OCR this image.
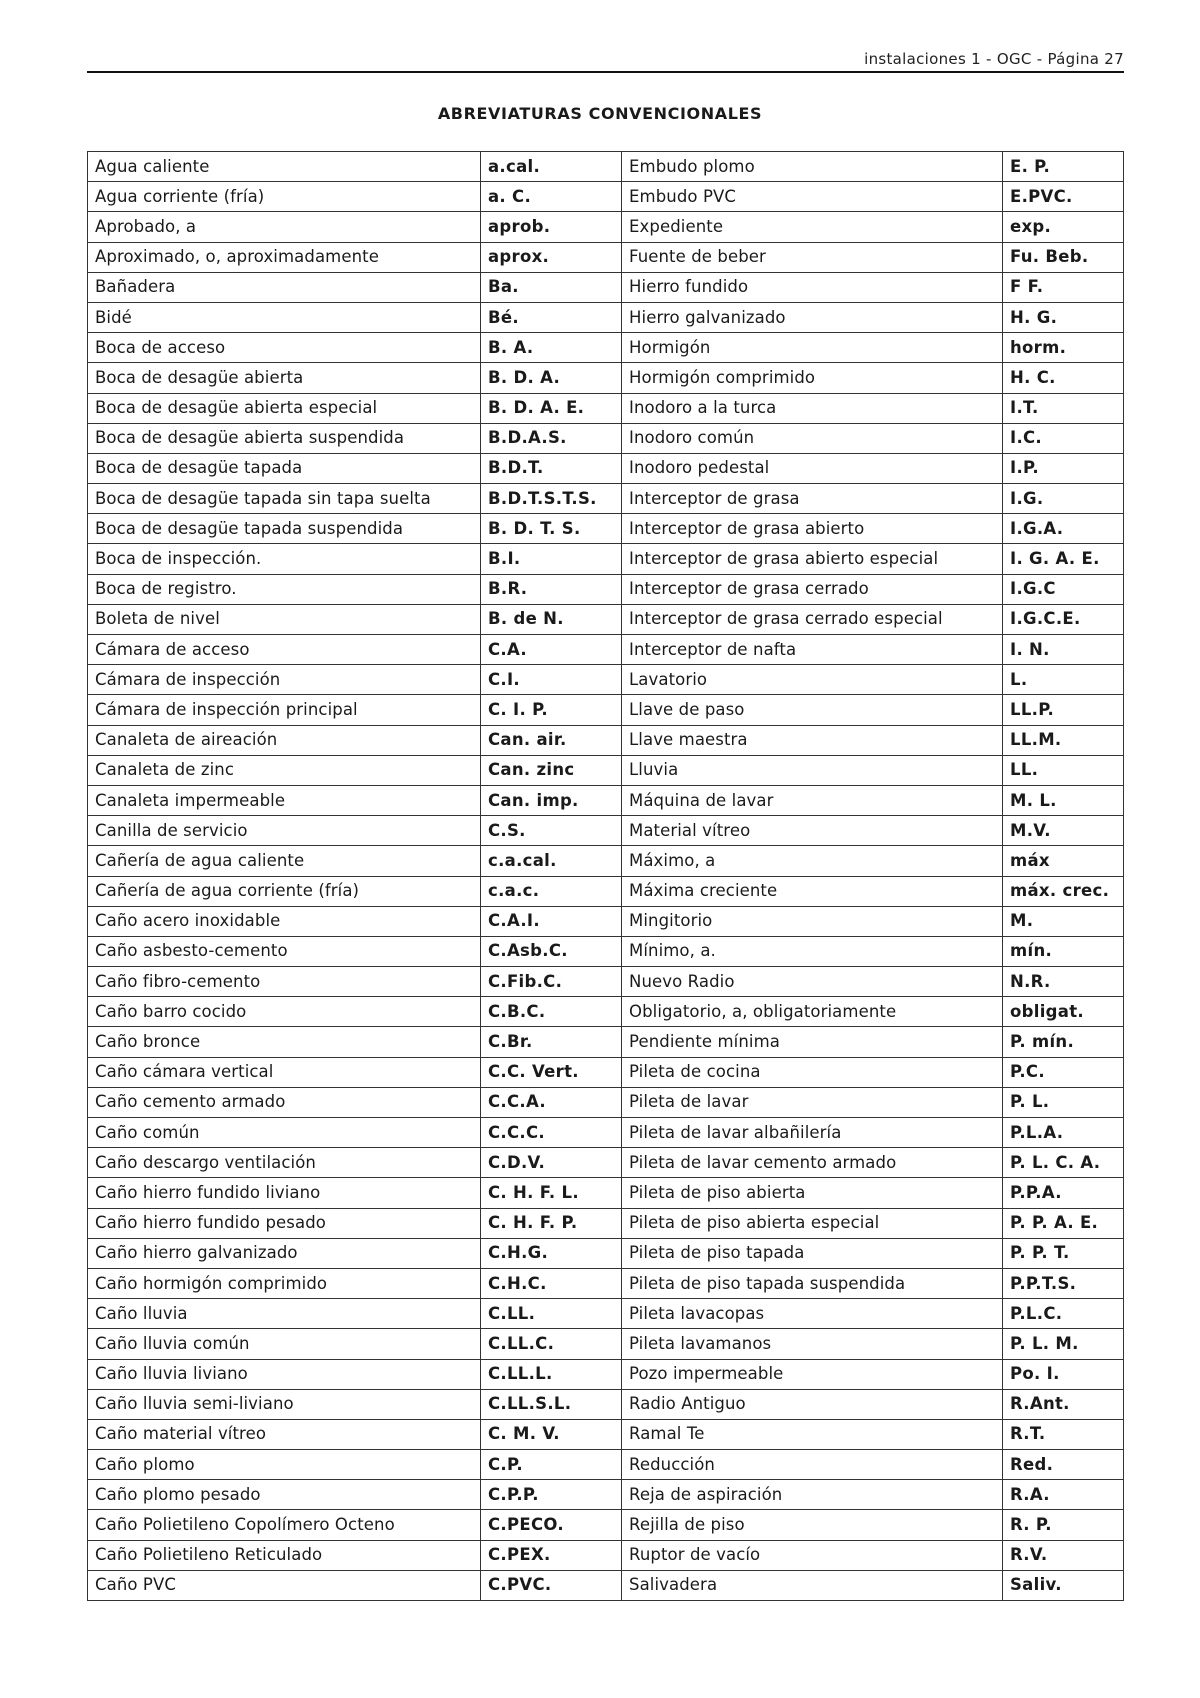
instalaciones 1 - OGC - Página 27
ABREVIATURAS CONVENCIONALES
Agua caliente	a.cal.	Embudo plomo	E. P.
Agua corriente (fría)	a. C.	Embudo PVC	E.PVC.
Aprobado, a	aprob.	Expediente	exp.
Aproximado, o, aproximadamente	aprox.	Fuente de beber	Fu. Beb.
Bañadera	Ba.	Hierro fundido	F F.
Bidé	Bé.	Hierro galvanizado	H. G.
Boca de acceso	B. A.	Hormigón	horm.
Boca de desagüe abierta	B. D. A.	Hormigón comprimido	H. C.
Boca de desagüe abierta especial	B. D. A. E.	Inodoro a la turca	I.T.
Boca de desagüe abierta suspendida	B.D.A.S.	Inodoro común	I.C.
Boca de desagüe tapada	B.D.T.	Inodoro pedestal	I.P.
Boca de desagüe tapada sin tapa suelta	B.D.T.S.T.S.	Interceptor de grasa	I.G.
Boca de desagüe tapada suspendida	B. D. T. S.	Interceptor de grasa abierto	I.G.A.
Boca de inspección.	B.I.	Interceptor de grasa abierto especial	I. G. A. E.
Boca de registro.	B.R.	Interceptor de grasa cerrado	I.G.C
Boleta de nivel	B. de N.	Interceptor de grasa cerrado especial	I.G.C.E.
Cámara de acceso	C.A.	Interceptor de nafta	I. N.
Cámara de inspección	C.I.	Lavatorio	L.
Cámara de inspección principal	C. I. P.	Llave de paso	LL.P.
Canaleta de aireación	Can. air.	Llave maestra	LL.M.
Canaleta de zinc	Can. zinc	Lluvia	LL.
Canaleta impermeable	Can. imp.	Máquina de lavar	M. L.
Canilla de servicio	C.S.	Material vítreo	M.V.
Cañería de agua caliente	c.a.cal.	Máximo, a	máx
Cañería de agua corriente (fría)	c.a.c.	Máxima creciente	máx. crec.
Caño acero inoxidable	C.A.I.	Mingitorio	M.
Caño asbesto-cemento	C.Asb.C.	Mínimo, a.	mín.
Caño fibro-cemento	C.Fib.C.	Nuevo Radio	N.R.
Caño barro cocido	C.B.C.	Obligatorio, a, obligatoriamente	obligat.
Caño bronce	C.Br.	Pendiente mínima	P. mín.
Caño cámara vertical	C.C. Vert.	Pileta de cocina	P.C.
Caño cemento armado	C.C.A.	Pileta de lavar	P. L.
Caño común	C.C.C.	Pileta de lavar albañilería	P.L.A.
Caño descargo ventilación	C.D.V.	Pileta de lavar cemento armado	P. L. C. A.
Caño hierro fundido liviano	C. H. F. L.	Pileta de piso abierta	P.P.A.
Caño hierro fundido pesado	C. H. F. P.	Pileta de piso abierta especial	P. P. A. E.
Caño hierro galvanizado	C.H.G.	Pileta de piso tapada	P. P. T.
Caño hormigón comprimido	C.H.C.	Pileta de piso tapada suspendida	P.P.T.S.
Caño lluvia	C.LL.	Pileta lavacopas	P.L.C.
Caño lluvia común	C.LL.C.	Pileta lavamanos	P. L. M.
Caño lluvia liviano	C.LL.L.	Pozo impermeable	Po. I.
Caño lluvia semi-liviano	C.LL.S.L.	Radio Antiguo	R.Ant.
Caño material vítreo	C. M. V.	Ramal Te	R.T.
Caño plomo	C.P.	Reducción	Red.
Caño plomo pesado	C.P.P.	Reja de aspiración	R.A.
Caño Polietileno Copolímero Octeno	C.PECO.	Rejilla de piso	R. P.
Caño Polietileno Reticulado	C.PEX.	Ruptor de vacío	R.V.
Caño PVC	C.PVC.	Salivadera	Saliv.
